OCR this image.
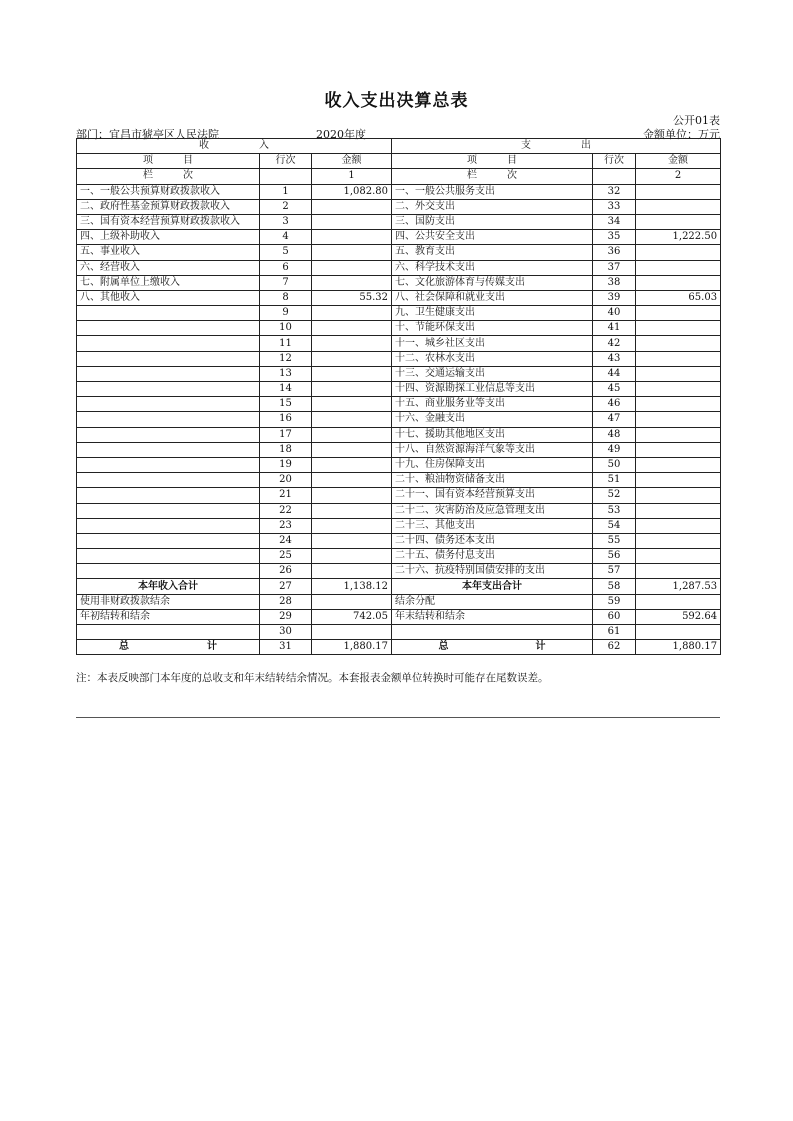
收入支出决算总表
公开01表
部门：宜昌市猇亭区人民法院	2020年度	金额单位：万元
收　　　　　入			支　　　　　出		
项　　　目	行次	金额	项　　　目	行次	金额
栏　　　次		1	栏　　　次		2
一、一般公共预算财政拨款收入	1	1,082.80	一、一般公共服务支出	32	
二、政府性基金预算财政拨款收入	2		二、外交支出	33	
三、国有资本经营预算财政拨款收入	3		三、国防支出	34	
四、上级补助收入	4		四、公共安全支出	35	1,222.50
五、事业收入	5		五、教育支出	36	
六、经营收入	6		六、科学技术支出	37	
七、附属单位上缴收入	7		七、文化旅游体育与传媒支出	38	
八、其他收入	8	55.32	八、社会保障和就业支出	39	65.03
	9		九、卫生健康支出	40	
	10		十、节能环保支出	41	
	11		十一、城乡社区支出	42	
	12		十二、农林水支出	43	
	13		十三、交通运输支出	44	
	14		十四、资源勘探工业信息等支出	45	
	15		十五、商业服务业等支出	46	
	16		十六、金融支出	47	
	17		十七、援助其他地区支出	48	
	18		十八、自然资源海洋气象等支出	49	
	19		十九、住房保障支出	50	
	20		二十、粮油物资储备支出	51	
	21		二十一、国有资本经营预算支出	52	
	22		二十二、灾害防治及应急管理支出	53	
	23		二十三、其他支出	54	
	24		二十四、债务还本支出	55	
	25		二十五、债务付息支出	56	
	26		二十六、抗疫特别国债安排的支出	57	
本年收入合计	27	1,138.12	本年支出合计	58	1,287.53
使用非财政拨款结余	28		结余分配	59	
年初结转和结余	29	742.05	年末结转和结余	60	592.64
	30			61	

总 计	31	1,880.17	总 计	62	1,880.17
注：本表反映部门本年度的总收支和年末结转结余情况。本套报表金额单位转换时可能存在尾数误差。
